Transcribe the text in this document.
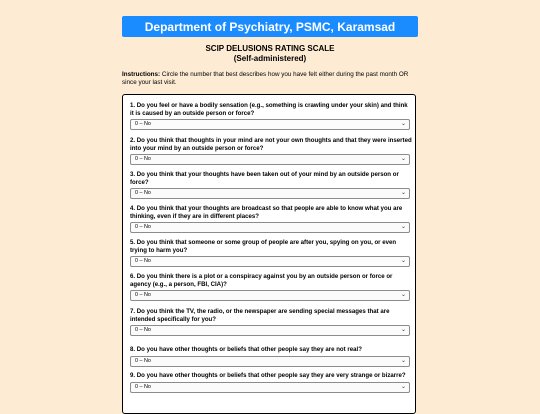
Department of Psychiatry, PSMC, Karamsad
SCIP DELUSIONS RATING SCALE
(Self-administered)
Instructions: Circle the number that best describes how you have felt either during the past month OR since your last visit.
1. Do you feel or have a bodily sensation (e.g., something is crawling under your skin) and think it is caused by an outside person or force?
0 – No	⌄
2. Do you think that thoughts in your mind are not your own thoughts and that they were inserted into your mind by an outside person or force?
0 – No	⌄
3. Do you think that your thoughts have been taken out of your mind by an outside person or force?
0 – No	⌄
4. Do you think that your thoughts are broadcast so that people are able to know what you are thinking, even if they are in different places?
0 – No	⌄
5. Do you think that someone or some group of people are after you, spying on you, or even trying to harm you?
0 – No	⌄
6. Do you think there is a plot or a conspiracy against you by an outside person or force or agency (e.g., a person, FBI, CIA)?
0 – No	⌄
7. Do you think the TV, the radio, or the newspaper are sending special messages that are intended specifically for you?
0 – No	⌄
8. Do you have other thoughts or beliefs that other people say they are not real?
0 – No	⌄
9. Do you have other thoughts or beliefs that other people say they are very strange or bizarre?
0 – No	⌄
